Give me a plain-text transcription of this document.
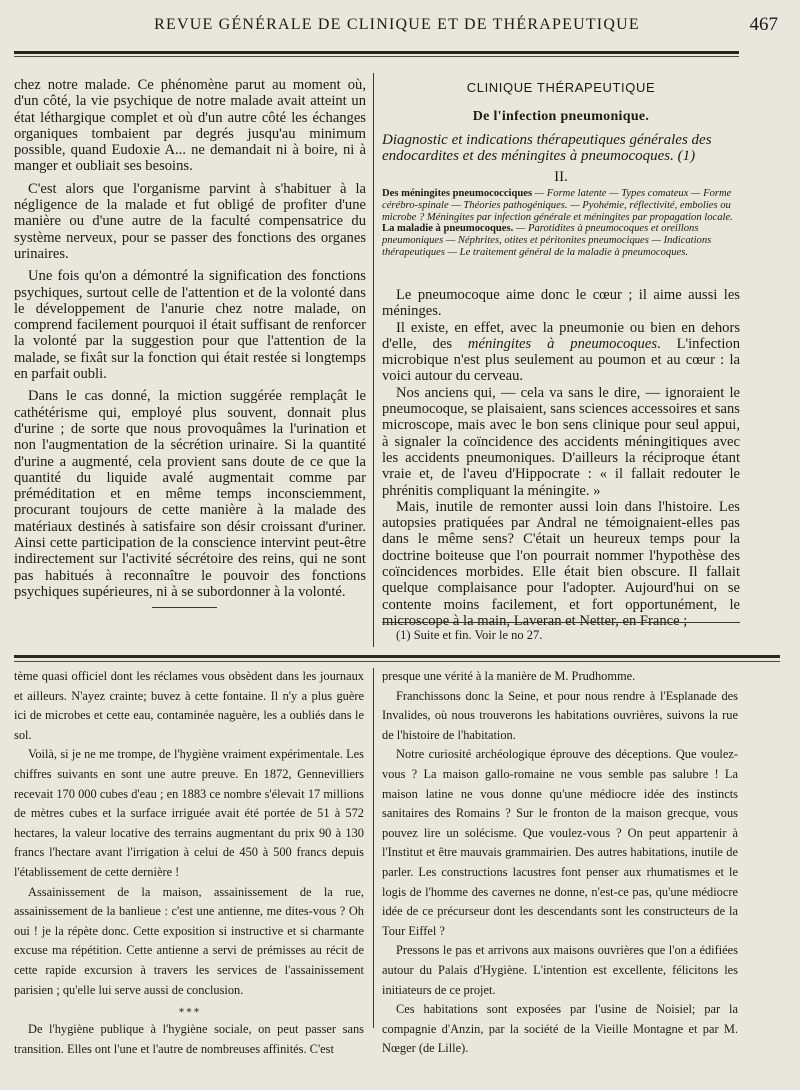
REVUE GÉNÉRALE DE CLINIQUE ET DE THÉRAPEUTIQUE	467

chez notre malade. Ce phénomène parut au moment où, d'un côté, la vie psychique de notre malade avait atteint un état léthargique complet et où d'un autre côté les échanges organiques tombaient par degrés jusqu'au minimum possible, quand Eudoxie A... ne demandait ni à boire, ni à manger et oubliait ses besoins.

C'est alors que l'organisme parvint à s'habituer à la négligence de la malade et fut obligé de profiter d'une manière ou d'une autre de la faculté compensatrice du système nerveux, pour se passer des fonctions des organes urinaires.

Une fois qu'on a démontré la signification des fonctions psychiques, surtout celle de l'attention et de la volonté dans le développement de l'anurie chez notre malade, on comprend facilement pourquoi il était suffisant de renforcer la volonté par la suggestion pour que l'attention de la malade, se fixât sur la fonction qui était restée si longtemps en parfait oubli.

Dans le cas donné, la miction suggérée remplaçât le cathétérisme qui, employé plus souvent, donnait plus d'urine ; de sorte que nous provoquâmes la l'urination et non l'augmentation de la sécrétion urinaire. Si la quantité d'urine a augmenté, cela provient sans doute de ce que la quantité du liquide avalé augmentait comme par préméditation et en même temps inconsciemment, procurant toujours de cette manière à la malade des matériaux destinés à satisfaire son désir croissant d'uriner. Ainsi cette participation de la conscience intervint peut-être indirectement sur l'activité sécrétoire des reins, qui ne sont pas habitués à reconnaître le pouvoir des fonctions psychiques supérieures, ni à se subordonner à la volonté.

CLINIQUE THÉRAPEUTIQUE
De l'infection pneumonique.
Diagnostic et indications thérapeutiques générales des endocardites et des méningites à pneumocoques. (1)
II.

Des méningites pneumococciques — Forme latente — Types comateux — Forme cérébro-spinale — Théories pathogéniques. — Pyohémie, réflectivité, embolies ou microbe ? Méningites par infection générale et méningites par propagation locale.

La maladie à pneumocoques. — Parotidites à pneumocoques et oreillons pneumoniques — Néphrites, otites et péritonites pneumociques — Indications thérapeutiques — Le traitement général de la maladie à pneumocoques.

Le pneumocoque aime donc le cœur ; il aime aussi les méninges.

Il existe, en effet, avec la pneumonie ou bien en dehors d'elle, des méningites à pneumocoques. L'infection microbique n'est plus seulement au poumon et au cœur : la voici autour du cerveau.

Nos anciens qui, — cela va sans le dire, — ignoraient le pneumocoque, se plaisaient, sans sciences accessoires et sans microscope, mais avec le bon sens clinique pour seul appui, à signaler la coïncidence des accidents méningitiques avec les accidents pneumoniques. D'ailleurs la réciproque étant vraie et, de l'aveu d'Hippocrate : « il fallait redouter le phrénitis compliquant la méningite. »

Mais, inutile de remonter aussi loin dans l'histoire. Les autopsies pratiquées par Andral ne témoignaient-elles pas dans le même sens? C'était un heureux temps pour la doctrine boiteuse que l'on pourrait nommer l'hypothèse des coïncidences morbides. Elle était bien obscure. Il fallait quelque complaisance pour l'adopter. Aujourd'hui on se contente moins facilement, et fort opportunément, le microscope à la main, Laveran et Netter, en France ;

(1) Suite et fin. Voir le no 27.

tème quasi officiel dont les réclames vous obsèdent dans les journaux et ailleurs. N'ayez crainte; buvez à cette fontaine. Il n'y a plus guère ici de microbes et cette eau, contaminée naguère, les a oubliés dans le sol.

Voilà, si je ne me trompe, de l'hygiène vraiment expérimentale. Les chiffres suivants en sont une autre preuve. En 1872, Gennevilliers recevait 170 000 cubes d'eau ; en 1883 ce nombre s'élevait 17 millions de mètres cubes et la surface irriguée avait été portée de 51 à 572 hectares, la valeur locative des terrains augmentant du prix 90 à 130 francs l'hectare avant l'irrigation à celui de 450 à 500 francs depuis l'établissement de cette dernière !

Assainissement de la maison, assainissement de la rue, assainissement de la banlieue : c'est une antienne, me dites-vous ? Oh oui ! je la répète donc. Cette exposition si instructive et si charmante excuse ma répétition. Cette antienne a servi de prémisses au récit de cette rapide excursion à travers les services de l'assainissement parisien ; qu'elle lui serve aussi de conclusion.

⁎ ⁎ ⁎

De l'hygiène publique à l'hygiène sociale, on peut passer sans transition. Elles ont l'une et l'autre de nombreuses affinités. C'est

presque une vérité à la manière de M. Prudhomme.

Franchissons donc la Seine, et pour nous rendre à l'Esplanade des Invalides, où nous trouverons les habitations ouvrières, suivons la rue de l'histoire de l'habitation.

Notre curiosité archéologique éprouve des déceptions. Que voulez-vous ? La maison gallo-romaine ne vous semble pas salubre ! La maison latine ne vous donne qu'une médiocre idée des instincts sanitaires des Romains ? Sur le fronton de la maison grecque, vous pouvez lire un solécisme. Que voulez-vous ? On peut appartenir à l'Institut et être mauvais grammairien. Des autres habitations, inutile de parler. Les constructions lacustres font penser aux rhumatismes et le logis de l'homme des cavernes ne donne, n'est-ce pas, qu'une médiocre idée de ce précurseur dont les descendants sont les constructeurs de la Tour Eiffel ?

Pressons le pas et arrivons aux maisons ouvrières que l'on a édifiées autour du Palais d'Hygiène. L'intention est excellente, félicitons les initiateurs de ce projet.

Ces habitations sont exposées par l'usine de Noisiel; par la compagnie d'Anzin, par la société de la Vieille Montagne et par M. Nœger (de Lille).
